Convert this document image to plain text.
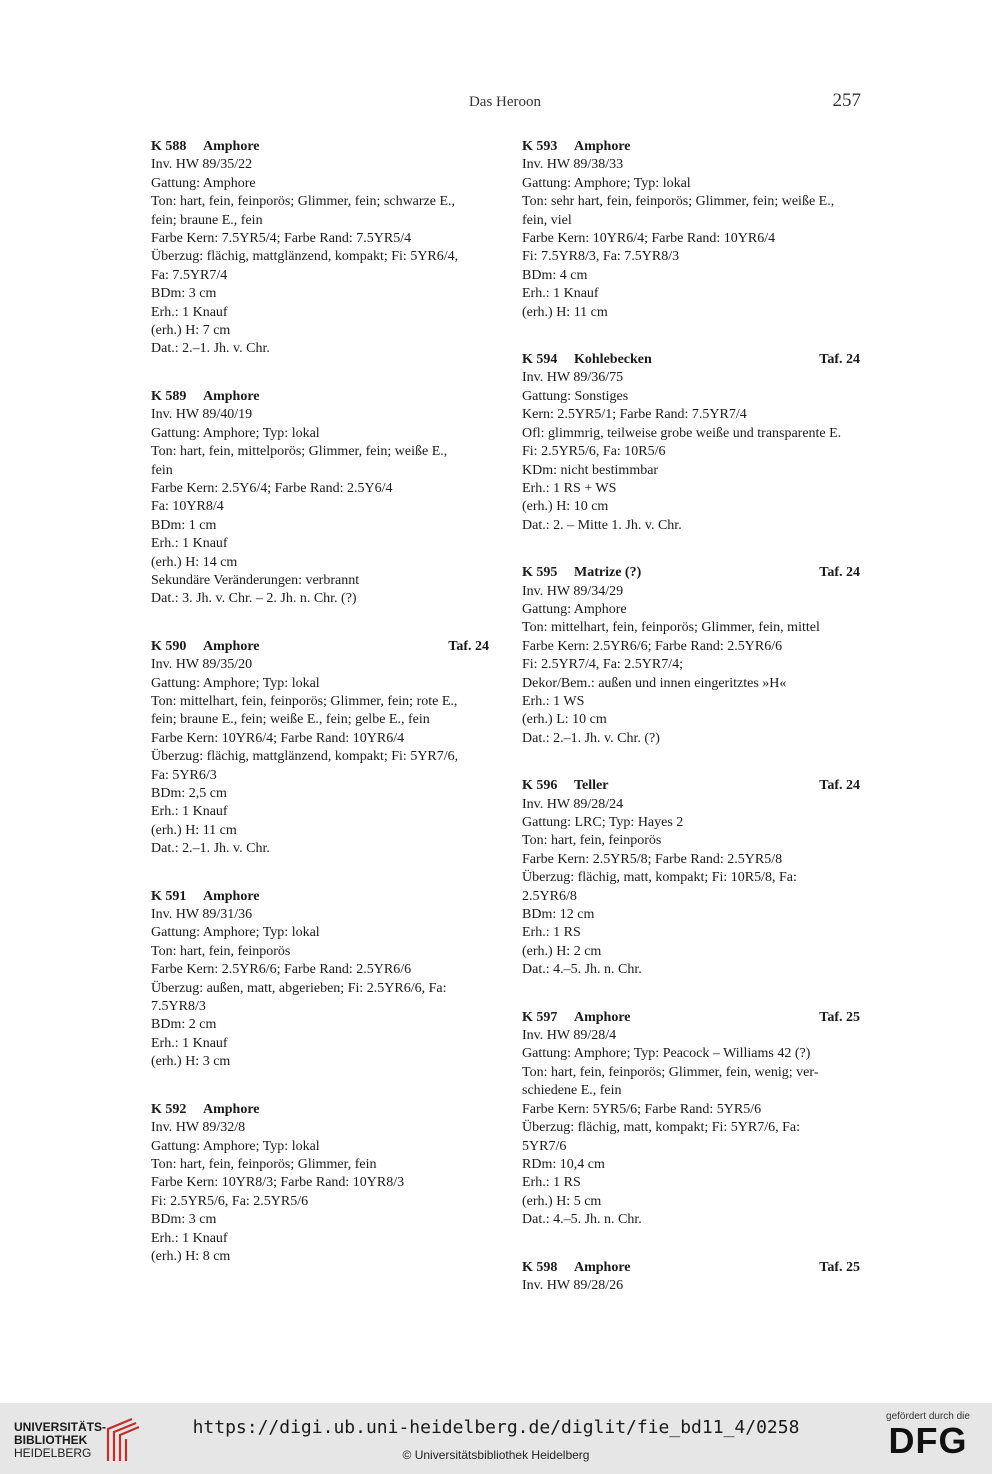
Das Heroon	257
K 588 Amphore
Inv. HW 89/35/22
Gattung: Amphore
Ton: hart, fein, feinporös; Glimmer, fein; schwarze E.,
fein; braune E., fein
Farbe Kern: 7.5YR5/4; Farbe Rand: 7.5YR5/4
Überzug: flächig, mattglänzend, kompakt; Fi: 5YR6/4,
Fa: 7.5YR7/4
BDm: 3 cm
Erh.: 1 Knauf
(erh.) H: 7 cm
Dat.: 2.–1. Jh. v. Chr.
K 589 Amphore
Inv. HW 89/40/19
Gattung: Amphore; Typ: lokal
Ton: hart, fein, mittelporös; Glimmer, fein; weiße E.,
fein
Farbe Kern: 2.5Y6/4; Farbe Rand: 2.5Y6/4
Fa: 10YR8/4
BDm: 1 cm
Erh.: 1 Knauf
(erh.) H: 14 cm
Sekundäre Veränderungen: verbrannt
Dat.: 3. Jh. v. Chr. – 2. Jh. n. Chr. (?)
K 590 Amphore	Taf. 24
Inv. HW 89/35/20
Gattung: Amphore; Typ: lokal
Ton: mittelhart, fein, feinporös; Glimmer, fein; rote E.,
fein; braune E., fein; weiße E., fein; gelbe E., fein
Farbe Kern: 10YR6/4; Farbe Rand: 10YR6/4
Überzug: flächig, mattglänzend, kompakt; Fi: 5YR7/6,
Fa: 5YR6/3
BDm: 2,5 cm
Erh.: 1 Knauf
(erh.) H: 11 cm
Dat.: 2.–1. Jh. v. Chr.
K 591 Amphore
Inv. HW 89/31/36
Gattung: Amphore; Typ: lokal
Ton: hart, fein, feinporös
Farbe Kern: 2.5YR6/6; Farbe Rand: 2.5YR6/6
Überzug: außen, matt, abgerieben; Fi: 2.5YR6/6, Fa:
7.5YR8/3
BDm: 2 cm
Erh.: 1 Knauf
(erh.) H: 3 cm
K 592 Amphore
Inv. HW 89/32/8
Gattung: Amphore; Typ: lokal
Ton: hart, fein, feinporös; Glimmer, fein
Farbe Kern: 10YR8/3; Farbe Rand: 10YR8/3
Fi: 2.5YR5/6, Fa: 2.5YR5/6
BDm: 3 cm
Erh.: 1 Knauf
(erh.) H: 8 cm
K 593 Amphore
Inv. HW 89/38/33
Gattung: Amphore; Typ: lokal
Ton: sehr hart, fein, feinporös; Glimmer, fein; weiße E.,
fein, viel
Farbe Kern: 10YR6/4; Farbe Rand: 10YR6/4
Fi: 7.5YR8/3, Fa: 7.5YR8/3
BDm: 4 cm
Erh.: 1 Knauf
(erh.) H: 11 cm
K 594 Kohlebecken	Taf. 24
Inv. HW 89/36/75
Gattung: Sonstiges
Kern: 2.5YR5/1; Farbe Rand: 7.5YR7/4
Ofl: glimmrig, teilweise grobe weiße und transparente E.
Fi: 2.5YR5/6, Fa: 10R5/6
KDm: nicht bestimmbar
Erh.: 1 RS + WS
(erh.) H: 10 cm
Dat.: 2. – Mitte 1. Jh. v. Chr.
K 595 Matrize (?)	Taf. 24
Inv. HW 89/34/29
Gattung: Amphore
Ton: mittelhart, fein, feinporös; Glimmer, fein, mittel
Farbe Kern: 2.5YR6/6; Farbe Rand: 2.5YR6/6
Fi: 2.5YR7/4, Fa: 2.5YR7/4;
Dekor/Bem.: außen und innen eingeritztes »H«
Erh.: 1 WS
(erh.) L: 10 cm
Dat.: 2.–1. Jh. v. Chr. (?)
K 596 Teller	Taf. 24
Inv. HW 89/28/24
Gattung: LRC; Typ: Hayes 2
Ton: hart, fein, feinporös
Farbe Kern: 2.5YR5/8; Farbe Rand: 2.5YR5/8
Überzug: flächig, matt, kompakt; Fi: 10R5/8, Fa:
2.5YR6/8
BDm: 12 cm
Erh.: 1 RS
(erh.) H: 2 cm
Dat.: 4.–5. Jh. n. Chr.
K 597 Amphore	Taf. 25
Inv. HW 89/28/4
Gattung: Amphore; Typ: Peacock – Williams 42 (?)
Ton: hart, fein, feinporös; Glimmer, fein, wenig; ver-
schiedene E., fein
Farbe Kern: 5YR5/6; Farbe Rand: 5YR5/6
Überzug: flächig, matt, kompakt; Fi: 5YR7/6, Fa:
5YR7/6
RDm: 10,4 cm
Erh.: 1 RS
(erh.) H: 5 cm
Dat.: 4.–5. Jh. n. Chr.
K 598 Amphore	Taf. 25
Inv. HW 89/28/26
UNIVERSITÄTS-
BIBLIOTHEK
HEIDELBERG
https://digi.ub.uni-heidelberg.de/diglit/fie_bd11_4/0258
© Universitätsbibliothek Heidelberg
gefördert durch die
DFG
